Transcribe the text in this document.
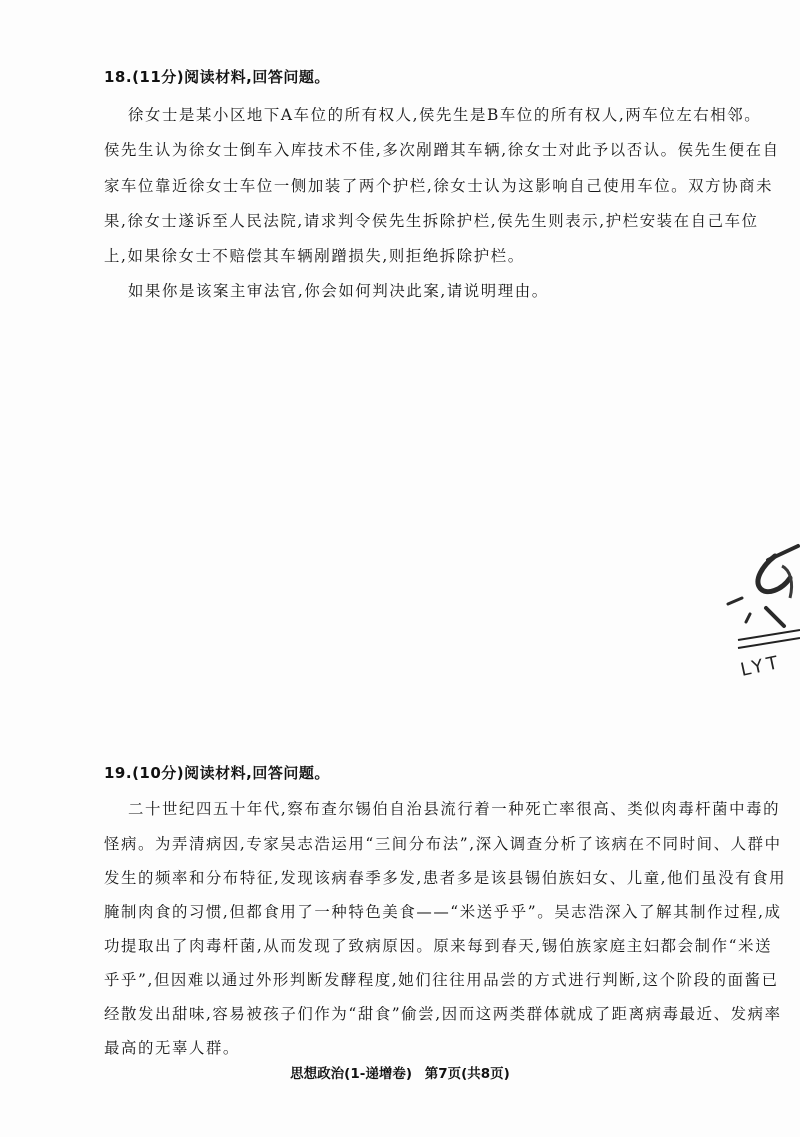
18.(11分)阅读材料,回答问题。
徐女士是某小区地下A车位的所有权人,侯先生是B车位的所有权人,两车位左右相邻。
侯先生认为徐女士倒车入库技术不佳,多次剐蹭其车辆,徐女士对此予以否认。侯先生便在自
家车位靠近徐女士车位一侧加装了两个护栏,徐女士认为这影响自己使用车位。双方协商未
果,徐女士遂诉至人民法院,请求判令侯先生拆除护栏,侯先生则表示,护栏安装在自己车位
上,如果徐女士不赔偿其车辆剐蹭损失,则拒绝拆除护栏。
如果你是该案主审法官,你会如何判决此案,请说明理由。
LYT
19.(10分)阅读材料,回答问题。
二十世纪四五十年代,察布查尔锡伯自治县流行着一种死亡率很高、类似肉毒杆菌中毒的
怪病。为弄清病因,专家吴志浩运用“三间分布法”,深入调查分析了该病在不同时间、人群中
发生的频率和分布特征,发现该病春季多发,患者多是该县锡伯族妇女、儿童,他们虽没有食用
腌制肉食的习惯,但都食用了一种特色美食——“米送乎乎”。吴志浩深入了解其制作过程,成
功提取出了肉毒杆菌,从而发现了致病原因。原来每到春天,锡伯族家庭主妇都会制作“米送
乎乎”,但因难以通过外形判断发酵程度,她们往往用品尝的方式进行判断,这个阶段的面酱已
经散发出甜味,容易被孩子们作为“甜食”偷尝,因而这两类群体就成了距离病毒最近、发病率
最高的无辜人群。
思想政治(1-递增卷) 第7页(共8页)
